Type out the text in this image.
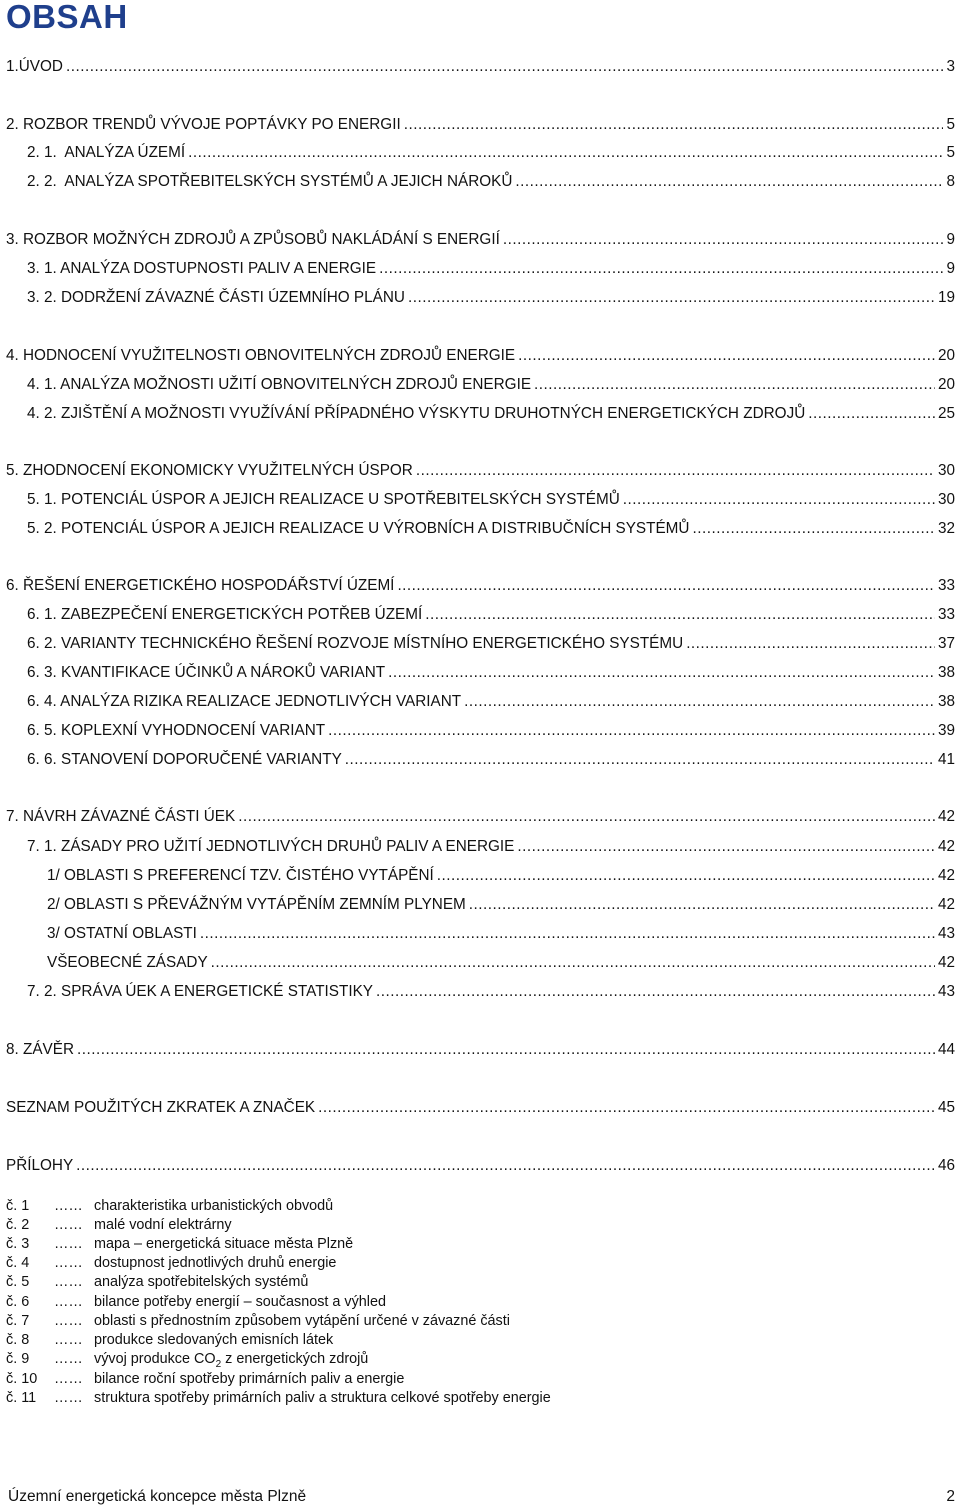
OBSAH
1.ÚVOD .....	3
2. ROZBOR TRENDŮ VÝVOJE POPTÁVKY PO ENERGII .....	5
2. 1.  ANALÝZA ÚZEMÍ .....	5
2. 2.  ANALÝZA SPOTŘEBITELSKÝCH SYSTÉMŮ A JEJICH NÁROKŮ .....	8
3. ROZBOR MOŽNÝCH ZDROJŮ A ZPŮSOBŮ NAKLÁDÁNÍ S ENERGIÍ .....	9
3. 1. ANALÝZA DOSTUPNOSTI PALIV A ENERGIE .....	9
3. 2. DODRŽENÍ ZÁVAZNÉ ČÁSTI ÚZEMNÍHO PLÁNU .....	19
4. HODNOCENÍ VYUŽITELNOSTI OBNOVITELNÝCH ZDROJŮ ENERGIE .....	20
4. 1. ANALÝZA MOŽNOSTI UŽITÍ OBNOVITELNÝCH ZDROJŮ ENERGIE .....	20
4. 2. ZJIŠTĚNÍ A MOŽNOSTI VYUŽÍVÁNÍ PŘÍPADNÉHO VÝSKYTU DRUHOTNÝCH ENERGETICKÝCH ZDROJŮ .....	25
5. ZHODNOCENÍ EKONOMICKY VYUŽITELNÝCH ÚSPOR .....	30
5. 1. POTENCIÁL ÚSPOR A JEJICH REALIZACE U SPOTŘEBITELSKÝCH SYSTÉMŮ .....	30
5. 2. POTENCIÁL ÚSPOR A JEJICH REALIZACE U VÝROBNÍCH A DISTRIBUČNÍCH SYSTÉMŮ .....	32
6. ŘEŠENÍ ENERGETICKÉHO HOSPODÁŘSTVÍ ÚZEMÍ .....	33
6. 1. ZABEZPEČENÍ ENERGETICKÝCH POTŘEB ÚZEMÍ .....	33
6. 2. VARIANTY TECHNICKÉHO ŘEŠENÍ ROZVOJE MÍSTNÍHO ENERGETICKÉHO SYSTÉMU .....	37
6. 3. KVANTIFIKACE ÚČINKŮ A NÁROKŮ VARIANT .....	38
6. 4. ANALÝZA RIZIKA REALIZACE JEDNOTLIVÝCH VARIANT .....	38
6. 5. KOPLEXNÍ VYHODNOCENÍ VARIANT .....	39
6. 6. STANOVENÍ DOPORUČENÉ VARIANTY .....	41
7. NÁVRH ZÁVAZNÉ ČÁSTI ÚEK .....	42
7. 1. ZÁSADY PRO UŽITÍ JEDNOTLIVÝCH DRUHŮ PALIV A ENERGIE .....	42
1/ OBLASTI S PREFERENCÍ TZV. ČISTÉHO VYTÁPĚNÍ .....	42
2/ OBLASTI S PŘEVÁŽNÝM VYTÁPĚNÍM ZEMNÍM PLYNEM .....	42
3/ OSTATNÍ OBLASTI .....	43
VŠEOBECNÉ ZÁSADY .....	42
7. 2. SPRÁVA ÚEK A ENERGETICKÉ STATISTIKY .....	43
8. ZÁVĚR .....	44
SEZNAM POUŽITÝCH ZKRATEK A ZNAČEK .....	45
PŘÍLOHY .....	46
č. 1	…… charakteristika urbanistických obvodů
č. 2	…… malé vodní elektrárny
č. 3	…… mapa – energetická situace města Plzně
č. 4	…… dostupnost jednotlivých druhů energie
č. 5	…… analýza spotřebitelských systémů
č. 6	…… bilance potřeby energií – současnost a výhled
č. 7	…… oblasti s přednostním způsobem vytápění určené v závazné části
č. 8	…… produkce sledovaných emisních látek
č. 9	…… vývoj produkce $CO_2$ z energetických zdrojů
č. 10	…… bilance roční spotřeby primárních paliv a energie
č. 11	…… struktura spotřeby primárních paliv a struktura celkové spotřeby energie
Územní energetická koncepce města Plzně	2
